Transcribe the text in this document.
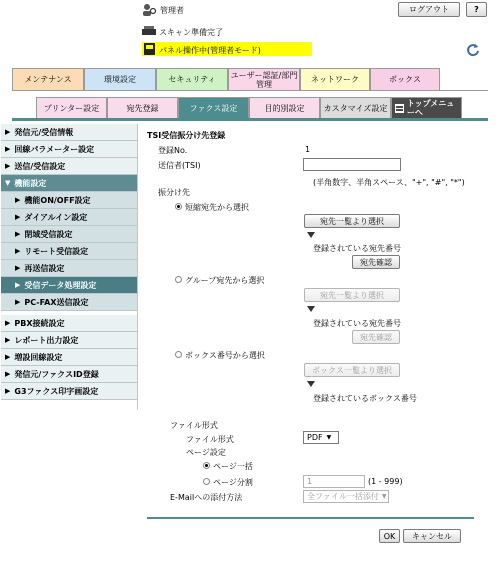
管理者	ログアウト	?
スキャン準備完了
パネル操作中(管理者モード)
メンテナンス	環境設定	セキュリティ ユーザー認証/部門管理	ネットワーク	ボックス
プリンター設定	宛先登録	ファクス設定	目的別設定 カスタマイズ設定 トップメニューへ
▶ 発信元/受信情報
▶ 回線パラメーター設定
▶ 送信/受信設定
▼ 機能設定
▶ 機能ON/OFF設定
▶ ダイアルイン設定
▶ 閉域受信設定
▶ リモート受信設定
▶ 再送信設定
▶ 受信データ処理設定
▶ PC-FAX送信設定
▶ PBX接続設定
▶ レポート出力設定
▶ 増設回線設定
▶ 発信元/ファクスID登録
▶ G3ファクス印字画設定
TSI受信振分け先登録
登録No.	1
送信者(TSI)
(半角数字、半角スペース、"+", "#", "*")
振分け先
短縮宛先から選択
宛先一覧より選択
登録されている宛先番号
宛先確認
グループ宛先から選択
宛先一覧より選択
登録されている宛先番号
宛先確認
ボックス番号から選択
ボックス一覧より選択
登録されているボックス番号
ファイル形式
ファイル形式	PDF ▼
ページ設定
ページ一括
ページ分割	1	(1 - 999)
E-Mailへの添付方法	全ファイル一括添付 ▼
OK	キャンセル
